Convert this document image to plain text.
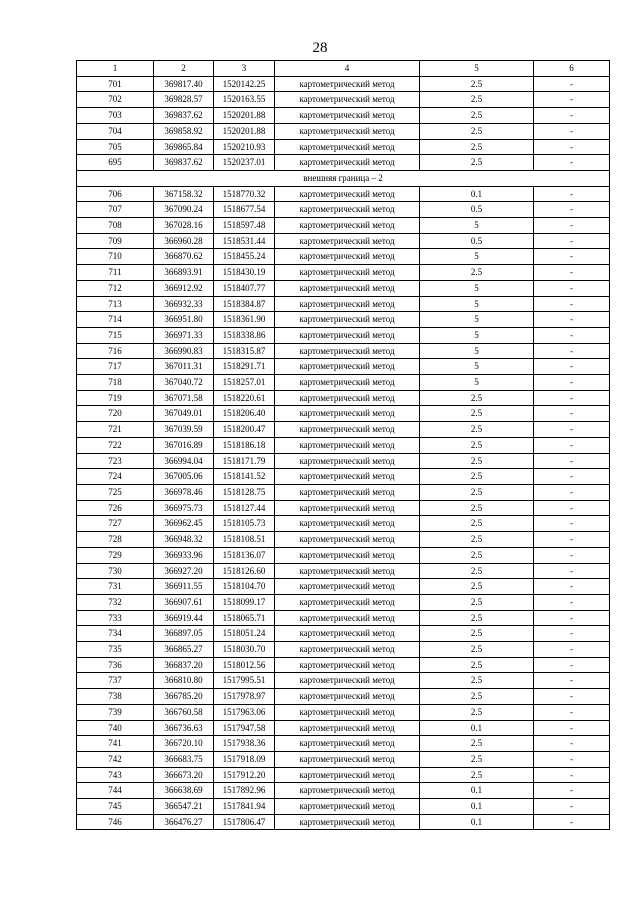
28
1	2	3	4	5	6
701	369817.40	1520142.25	картометрический метод	2.5	-
702	369828.57	1520163.55	картометрический метод	2.5	-
703	369837.62	1520201.88	картометрический метод	2.5	-
704	369858.92	1520201.88	картометрический метод	2.5	-
705	369865.84	1520210.93	картометрический метод	2.5	-
695	369837.62	1520237.01	картометрический метод	2.5	-
внешняя граница – 2					
706	367158.32	1518770.32	картометрический метод	0.1	-
707	367090.24	1518677.54	картометрический метод	0.5	-
708	367028.16	1518597.48	картометрический метод	5	-
709	366960.28	1518531.44	картометрический метод	0.5	-
710	366870.62	1518455.24	картометрический метод	5	-
711	366893.91	1518430.19	картометрический метод	2.5	-
712	366912.92	1518407.77	картометрический метод	5	-
713	366932.33	1518384.87	картометрический метод	5	-
714	366951.80	1518361.90	картометрический метод	5	-
715	366971.33	1518338.86	картометрический метод	5	-
716	366990.83	1518315.87	картометрический метод	5	-
717	367011.31	1518291.71	картометрический метод	5	-
718	367040.72	1518257.01	картометрический метод	5	-
719	367071.58	1518220.61	картометрический метод	2.5	-
720	367049.01	1518206.40	картометрический метод	2.5	-
721	367039.59	1518200.47	картометрический метод	2.5	-
722	367016.89	1518186.18	картометрический метод	2.5	-
723	366994.04	1518171.79	картометрический метод	2.5	-
724	367005.06	1518141.52	картометрический метод	2.5	-
725	366978.46	1518128.75	картометрический метод	2.5	-
726	366975.73	1518127.44	картометрический метод	2.5	-
727	366962.45	1518105.73	картометрический метод	2.5	-
728	366948.32	1518108.51	картометрический метод	2.5	-
729	366933.96	1518136.07	картометрический метод	2.5	-
730	366927.20	1518126.60	картометрический метод	2.5	-
731	366911.55	1518104.70	картометрический метод	2.5	-
732	366907.61	1518099.17	картометрический метод	2.5	-
733	366919.44	1518065.71	картометрический метод	2.5	-
734	366897.05	1518051.24	картометрический метод	2.5	-
735	366865.27	1518030.70	картометрический метод	2.5	-
736	366837.20	1518012.56	картометрический метод	2.5	-
737	366810.80	1517995.51	картометрический метод	2.5	-
738	366785.20	1517978.97	картометрический метод	2.5	-
739	366760.58	1517963.06	картометрический метод	2.5	-
740	366736.63	1517947.58	картометрический метод	0.1	-
741	366720.10	1517938.36	картометрический метод	2.5	-
742	366683.75	1517918.09	картометрический метод	2.5	-
743	366673.20	1517912.20	картометрический метод	2.5	-
744	366638.69	1517892.96	картометрический метод	0.1	-
745	366547.21	1517841.94	картометрический метод	0.1	-
746	366476.27	1517806.47	картометрический метод	0.1	-
